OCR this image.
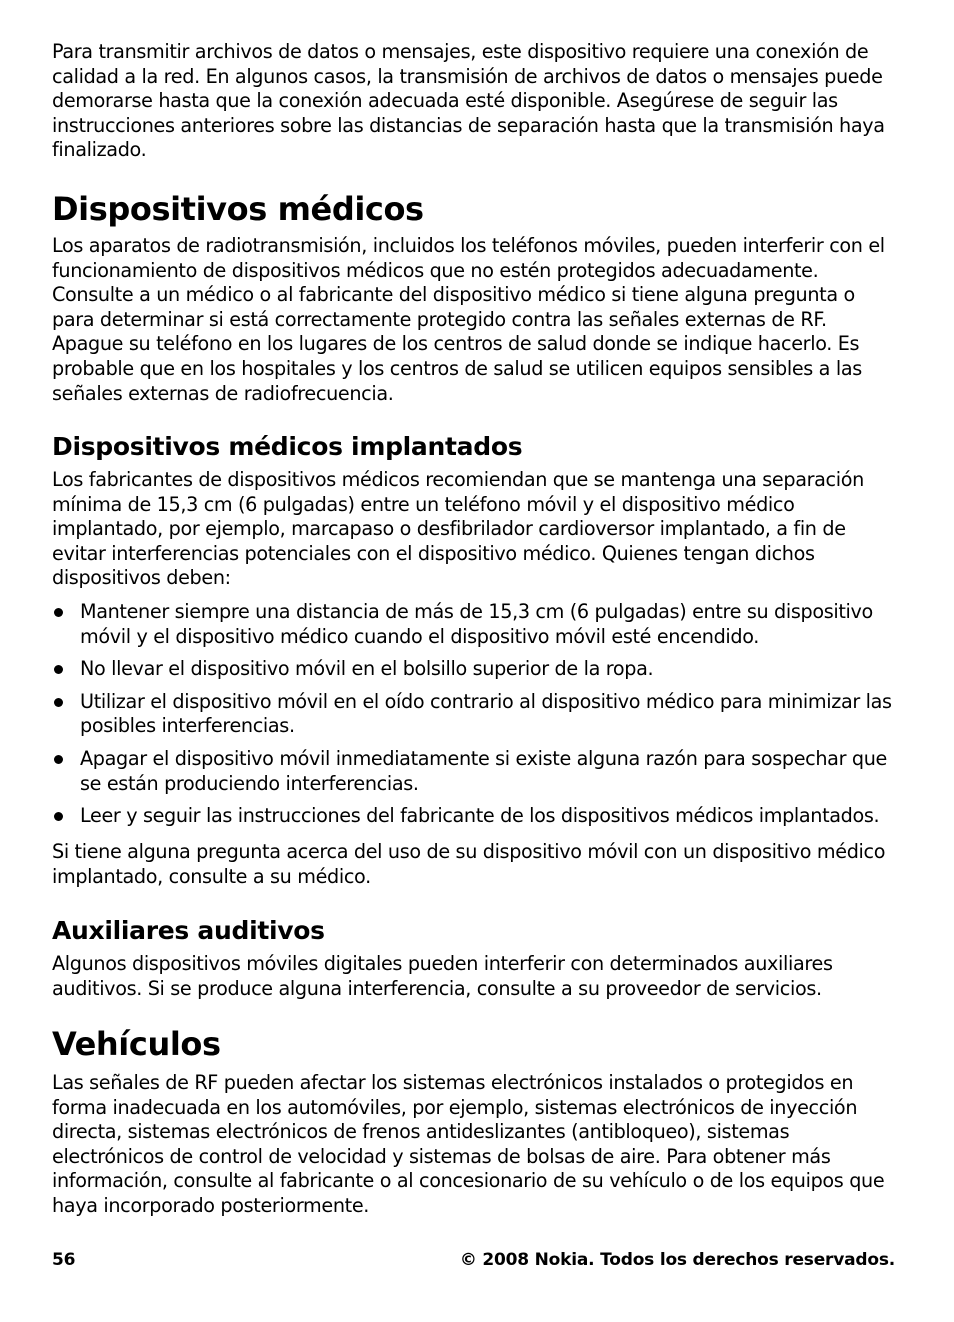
Para transmitir archivos de datos o mensajes, este dispositivo requiere una conexión de calidad a la red. En algunos casos, la transmisión de archivos de datos o mensajes puede demorarse hasta que la conexión adecuada esté disponible. Asegúrese de seguir las instrucciones anteriores sobre las distancias de separación hasta que la transmisión haya finalizado.

Dispositivos médicos

Los aparatos de radiotransmisión, incluidos los teléfonos móviles, pueden interferir con el funcionamiento de dispositivos médicos que no estén protegidos adecuadamente. Consulte a un médico o al fabricante del dispositivo médico si tiene alguna pregunta o para determinar si está correctamente protegido contra las señales externas de RF. Apague su teléfono en los lugares de los centros de salud donde se indique hacerlo. Es probable que en los hospitales y los centros de salud se utilicen equipos sensibles a las señales externas de radiofrecuencia.

Dispositivos médicos implantados

Los fabricantes de dispositivos médicos recomiendan que se mantenga una separación mínima de 15,3 cm (6 pulgadas) entre un teléfono móvil y el dispositivo médico implantado, por ejemplo, marcapaso o desfibrilador cardioversor implantado, a fin de evitar interferencias potenciales con el dispositivo médico. Quienes tengan dichos dispositivos deben:

Mantener siempre una distancia de más de 15,3 cm (6 pulgadas) entre su dispositivo móvil y el dispositivo médico cuando el dispositivo móvil esté encendido.
No llevar el dispositivo móvil en el bolsillo superior de la ropa.
Utilizar el dispositivo móvil en el oído contrario al dispositivo médico para minimizar las posibles interferencias.
Apagar el dispositivo móvil inmediatamente si existe alguna razón para sospechar que se están produciendo interferencias.
Leer y seguir las instrucciones del fabricante de los dispositivos médicos implantados.

Si tiene alguna pregunta acerca del uso de su dispositivo móvil con un dispositivo médico implantado, consulte a su médico.

Auxiliares auditivos

Algunos dispositivos móviles digitales pueden interferir con determinados auxiliares auditivos. Si se produce alguna interferencia, consulte a su proveedor de servicios.

Vehículos

Las señales de RF pueden afectar los sistemas electrónicos instalados o protegidos en forma inadecuada en los automóviles, por ejemplo, sistemas electrónicos de inyección directa, sistemas electrónicos de frenos antideslizantes (antibloqueo), sistemas electrónicos de control de velocidad y sistemas de bolsas de aire. Para obtener más información, consulte al fabricante o al concesionario de su vehículo o de los equipos que haya incorporado posteriormente.

56	© 2008 Nokia. Todos los derechos reservados.
